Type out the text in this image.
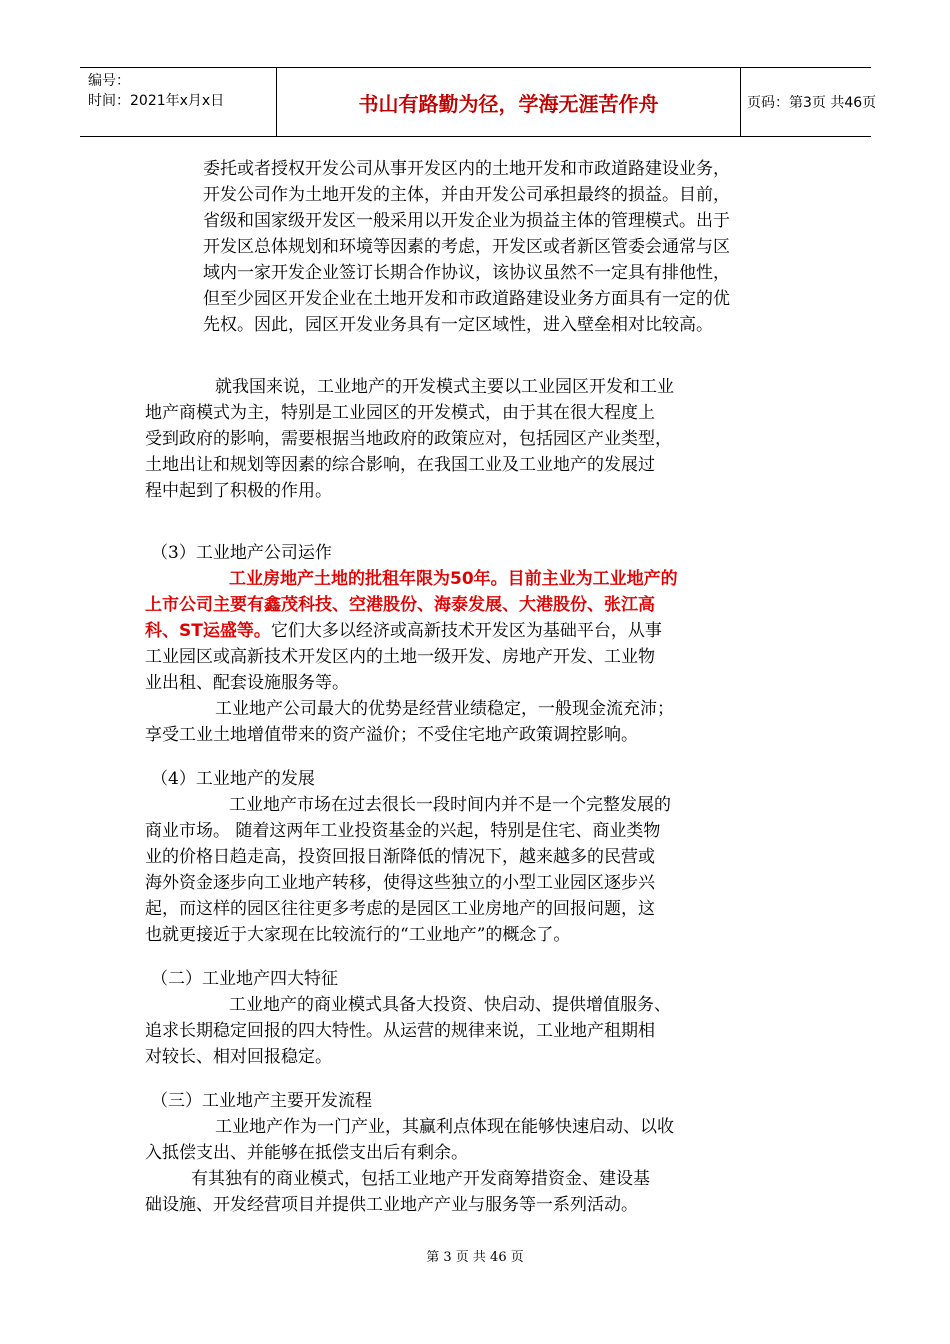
编号：
时间：2021年x月x日	书山有路勤为径，学海无涯苦作舟	页码：第3页 共46页
委托或者授权开发公司从事开发区内的土地开发和市政道路建设业务，
开发公司作为土地开发的主体，并由开发公司承担最终的损益。目前，
省级和国家级开发区一般采用以开发企业为损益主体的管理模式。出于
开发区总体规划和环境等因素的考虑，开发区或者新区管委会通常与区
域内一家开发企业签订长期合作协议，该协议虽然不一定具有排他性，
但至少园区开发企业在土地开发和市政道路建设业务方面具有一定的优
先权。因此，园区开发业务具有一定区域性，进入壁垒相对比较高。
就我国来说，工业地产的开发模式主要以工业园区开发和工业
地产商模式为主，特别是工业园区的开发模式，由于其在很大程度上
受到政府的影响，需要根据当地政府的政策应对，包括园区产业类型，
土地出让和规划等因素的综合影响，在我国工业及工业地产的发展过
程中起到了积极的作用。
（3）工业地产公司运作
工业房地产土地的批租年限为50年。目前主业为工业地产的
上市公司主要有鑫茂科技、空港股份、海泰发展、大港股份、张江高
科、ST运盛等。它们大多以经济或高新技术开发区为基础平台，从事
工业园区或高新技术开发区内的土地一级开发、房地产开发、工业物
业出租、配套设施服务等。
工业地产公司最大的优势是经营业绩稳定，一般现金流充沛；
享受工业土地增值带来的资产溢价；不受住宅地产政策调控影响。
（4）工业地产的发展
工业地产市场在过去很长一段时间内并不是一个完整发展的
商业市场。 随着这两年工业投资基金的兴起，特别是住宅、商业类物
业的价格日趋走高，投资回报日渐降低的情况下，越来越多的民营或
海外资金逐步向工业地产转移，使得这些独立的小型工业园区逐步兴
起，而这样的园区往往更多考虑的是园区工业房地产的回报问题，这
也就更接近于大家现在比较流行的“工业地产”的概念了。
（二）工业地产四大特征
工业地产的商业模式具备大投资、快启动、提供增值服务、
追求长期稳定回报的四大特性。从运营的规律来说，工业地产租期相
对较长、相对回报稳定。
（三）工业地产主要开发流程
工业地产作为一门产业，其赢利点体现在能够快速启动、以收
入抵偿支出、并能够在抵偿支出后有剩余。
有其独有的商业模式，包括工业地产开发商筹措资金、建设基
础设施、开发经营项目并提供工业地产产业与服务等一系列活动。
第 3 页 共 46 页
